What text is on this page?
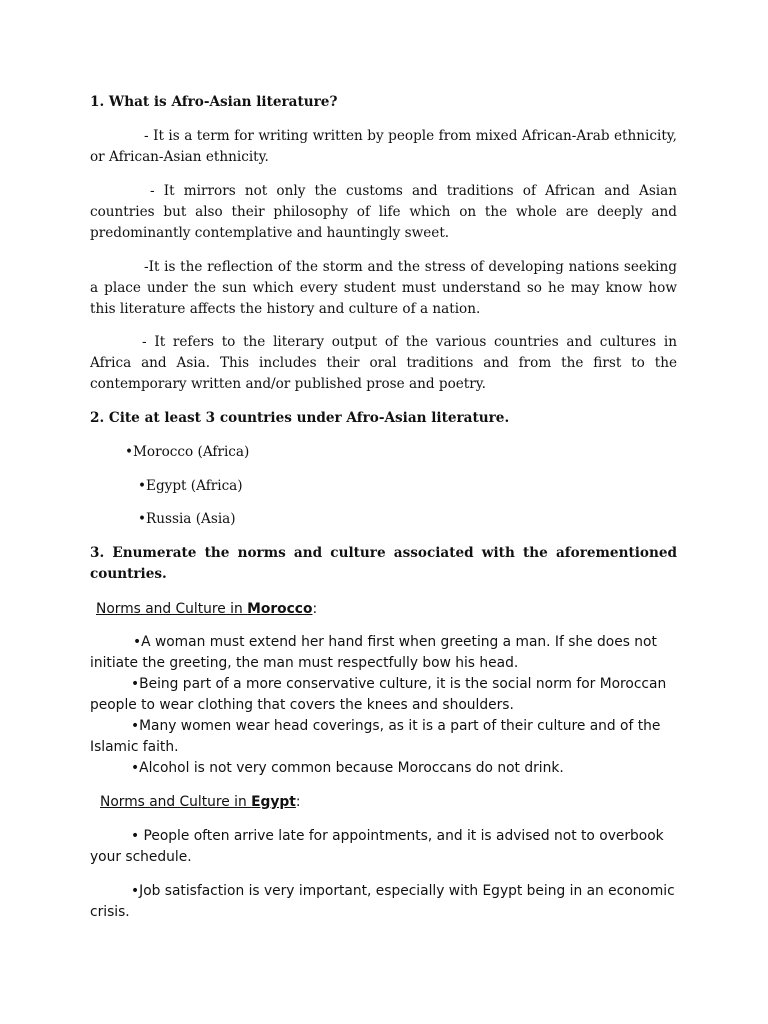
1. What is Afro-Asian literature?
- It is a term for writing written by people from mixed African-Arab ethnicity, or African-Asian ethnicity.
- It mirrors not only the customs and traditions of African and Asian countries but also their philosophy of life which on the whole are deeply and predominantly contemplative and hauntingly sweet.
-It is the reflection of the storm and the stress of developing nations seeking a place under the sun which every student must understand so he may know how this literature affects the history and culture of a nation.
- It refers to the literary output of the various countries and cultures in Africa and Asia. This includes their oral traditions and from the first to the contemporary written and/or published prose and poetry.
2. Cite at least 3 countries under Afro-Asian literature.
•Morocco (Africa)
•Egypt (Africa)
•Russia (Asia)
3. Enumerate the norms and culture associated with the aforementioned countries.
Norms and Culture in Morocco:
•A woman must extend her hand first when greeting a man. If she does not initiate the greeting, the man must respectfully bow his head.
•Being part of a more conservative culture, it is the social norm for Moroccan people to wear clothing that covers the knees and shoulders.
•Many women wear head coverings, as it is a part of their culture and of the Islamic faith.
•Alcohol is not very common because Moroccans do not drink.
Norms and Culture in Egypt:
• People often arrive late for appointments, and it is advised not to overbook your schedule.
•Job satisfaction is very important, especially with Egypt being in an economic crisis.
